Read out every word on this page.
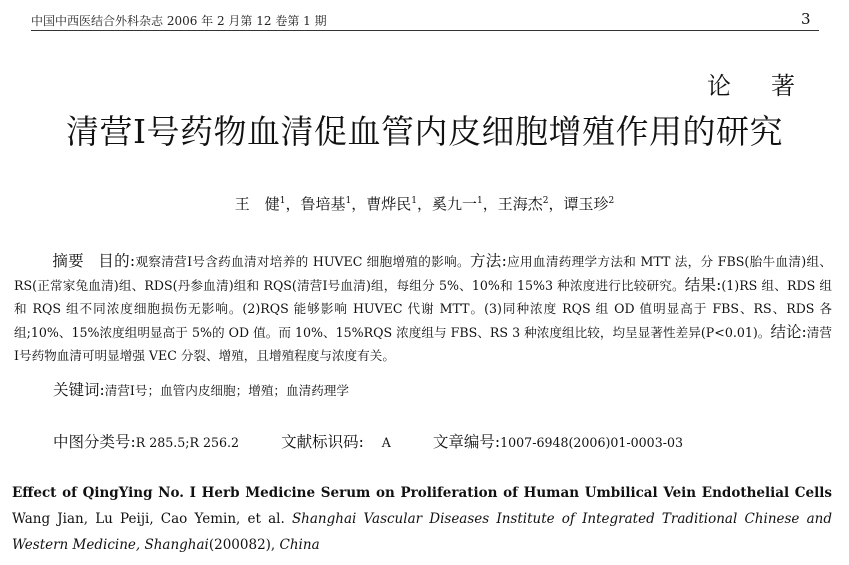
中国中西医结合外科杂志 2006 年 2 月第 12 卷第 1 期	3
论著
清营Ⅰ号药物血清促血管内皮细胞增殖作用的研究
王　健$^1$，鲁培基$^1$，曹烨民$^1$，奚九一$^1$，王海杰$^2$，谭玉珍$^2$
摘要 目的:观察清营Ⅰ号含药血清对培养的 HUVEC 细胞增殖的影响。方法:应用血清药理学方法和 MTT 法，分 FBS(胎牛血清)组、RS(正常家兔血清)组、RDS(丹参血清)组和 RQS(清营Ⅰ号血清)组，每组分 5%、10%和 15%3 种浓度进行比较研究。结果:(1)RS 组、RDS 组和 RQS 组不同浓度细胞损伤无影响。(2)RQS 能够影响 HUVEC 代谢 MTT。(3)同种浓度 RQS 组 OD 值明显高于 FBS、RS、RDS 各组;10%、15%浓度组明显高于 5%的 OD 值。而 10%、15%RQS 浓度组与 FBS、RS 3 种浓度组比较，均呈显著性差异(P<0.01)。结论:清营Ⅰ号药物血清可明显增强 VEC 分裂、增殖，且增殖程度与浓度有关。
关键词:清营Ⅰ号；血管内皮细胞；增殖；血清药理学
中图分类号:R 285.5;R 256.2	文献标识码: A	文章编号:1007-6948(2006)01-0003-03
Effect of QingYing No. I Herb Medicine Serum on Proliferation of Human Umbilical Vein Endothelial Cells Wang Jian, Lu Peiji, Cao Yemin, et al. Shanghai Vascular Diseases Institute of Integrated Traditional Chinese and Western Medicine, Shanghai(200082), China
